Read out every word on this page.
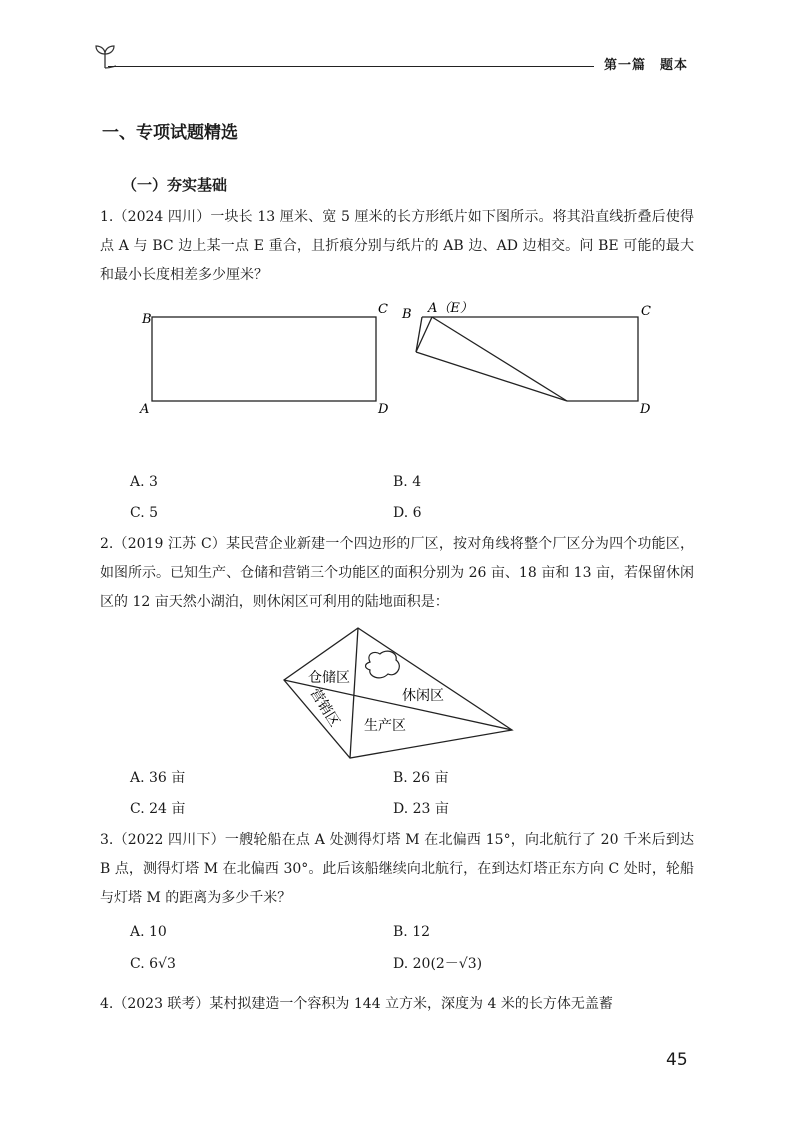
第一篇　题本
一、专项试题精选
（一）夯实基础
1.（2024 四川）一块长 13 厘米、宽 5 厘米的长方形纸片如下图所示。将其沿直线折叠后使得点 A 与 BC 边上某一点 E 重合，且折痕分别与纸片的 AB 边、AD 边相交。问 BE 可能的最大和最小长度相差多少厘米？
B
C
A	D
B A（E）	C
D
A. 3	B. 4
C. 5	D. 6
2.（2019 江苏 C）某民营企业新建一个四边形的厂区，按对角线将整个厂区分为四个功能区，如图所示。已知生产、仓储和营销三个功能区的面积分别为 26 亩、18 亩和 13 亩，若保留休闲区的 12 亩天然小湖泊，则休闲区可利用的陆地面积是：
仓储区
休闲区
营销区 生产区
A. 36 亩	B. 26 亩
C. 24 亩	D. 23 亩
3.（2022 四川下）一艘轮船在点 A 处测得灯塔 M 在北偏西 15°，向北航行了 20 千米后到达 B 点，测得灯塔 M 在北偏西 30°。此后该船继续向北航行，在到达灯塔正东方向 C 处时，轮船与灯塔 M 的距离为多少千米？
A. 10	B. 12
C. 6√3	D. 20(2－√3)
4.（2023 联考）某村拟建造一个容积为 144 立方米，深度为 4 米的长方体无盖蓄
45
